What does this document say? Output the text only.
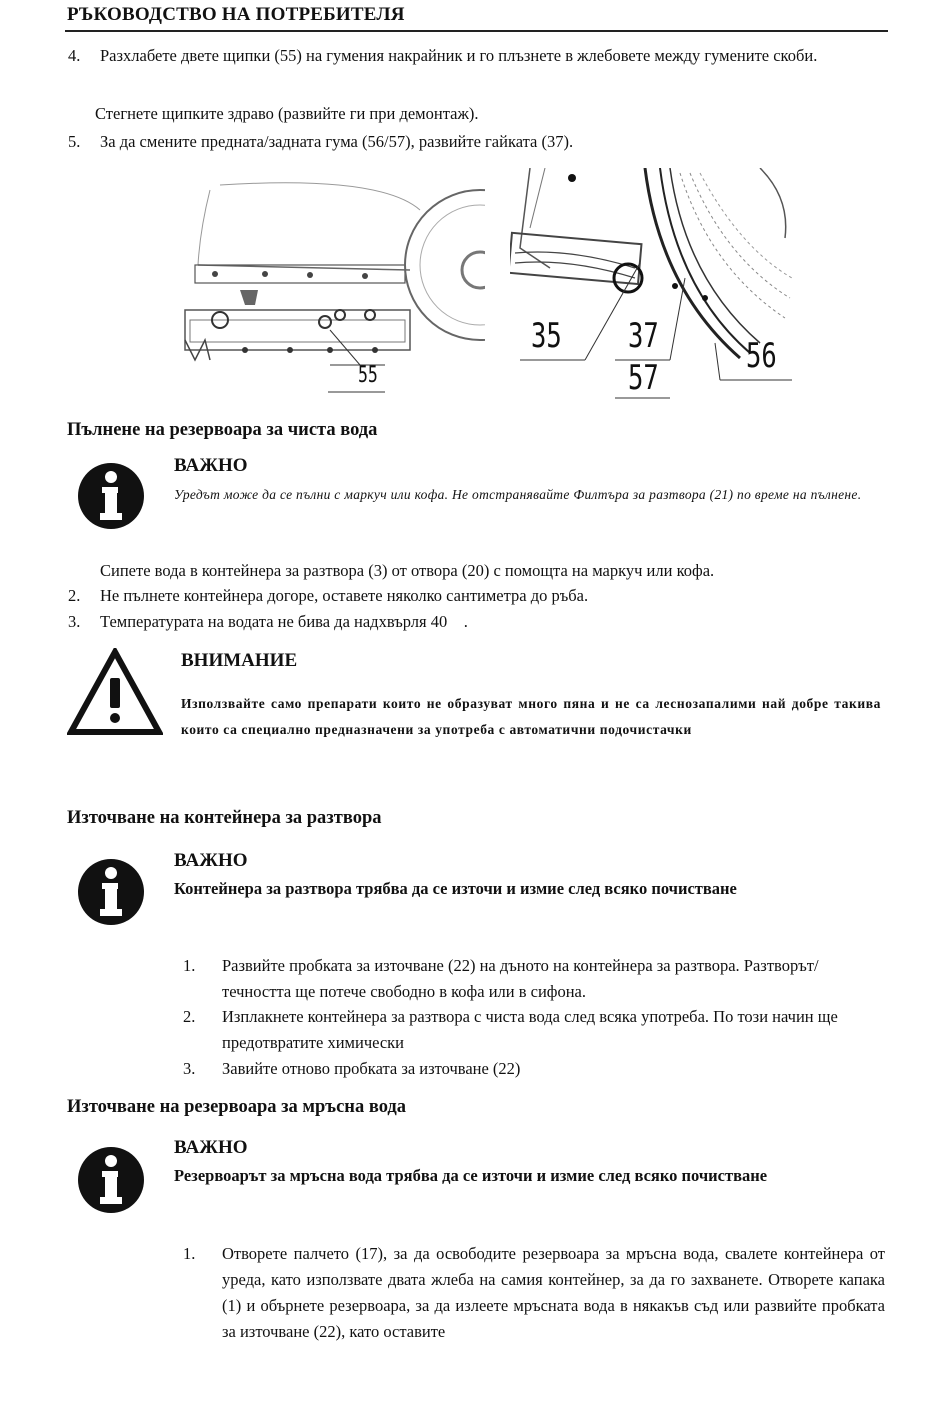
РЪКОВОДСТВО НА ПОТРЕБИТЕЛЯ
4. Разхлабете двете щипки (55) на гумения накрайник и го плъзнете в жлебовете между гумените скоби.
Стегнете щипките здраво (развийте ги при демонтаж).
5. За да смените предната/задната гума (56/57), развийте гайката (37).
55
35 37
57
56
Пълнене на резервоара за чиста вода
ВАЖНО
Уредът може да се пълни с маркуч или кофа. Не отстранявайте Филтъра за разтвора (21) по време на пълнене.
Сипете вода в контейнера за разтвора (3) от отвора (20) с помощта на маркуч или кофа.
2. Не пълнете контейнера догоре, оставете няколко сантиметра до ръба.
3. Температурата на водата не бива да надхвърля 40    .
ВНИМАНИЕ
Използвайте само препарати които не образуват много пяна и не са леснозапалими най добре такива които са специално предназначени за употреба с автоматични подочистачки
Източване на контейнера за разтвора
ВАЖНО
Контейнера за разтвора трябва да се източи и измие след всяко почистване
1. Развийте пробката за източване (22) на дъното на контейнера за разтвора. Разтворът/течността ще потече свободно в кофа или в сифона.
2. Изплакнете контейнера за разтвора с чиста вода след всяка употреба. По този начин ще предотвратите химически
3. Завийте отново пробката за източване (22)
Източване на резервоара за мръсна вода
ВАЖНО
Резервоарът за мръсна вода трябва да се източи и измие след всяко почистване
1. Отворете палчето (17), за да освободите резервоара за мръсна вода, свалете контейнера от уреда, като използвате двата жлеба на самия контейнер, за да го захванете. Отворете капака (1) и обърнете резервоара, за да излеете мръсната вода в някакъв съд или развийте пробката за източване (22), като оставите
